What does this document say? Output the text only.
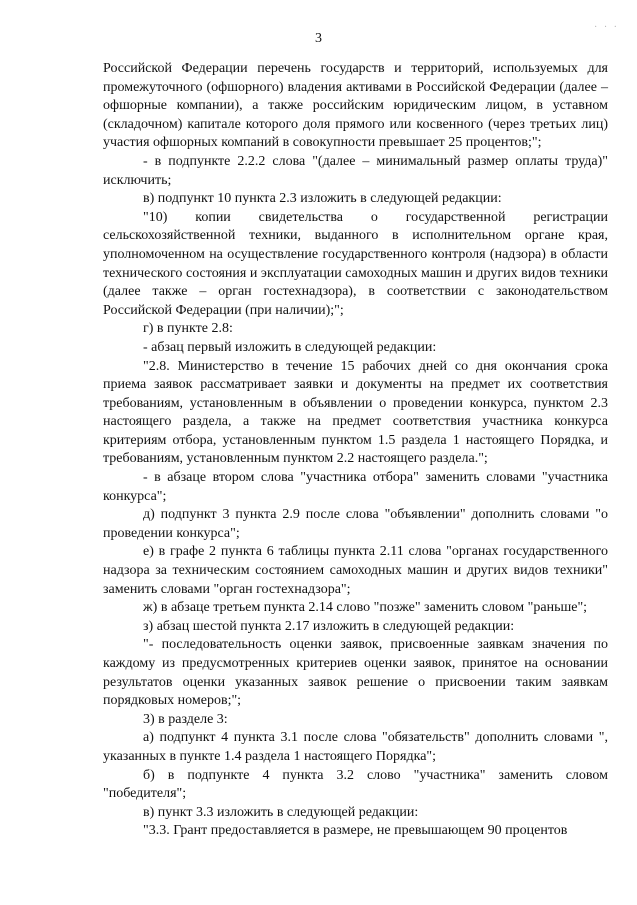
3
· · ·

Российской Федерации перечень государств и территорий, используемых для промежуточного (офшорного) владения активами в Российской Федерации (далее – офшорные компании), а также российским юридическим лицом, в уставном (складочном) капитале которого доля прямого или косвенного (через третьих лиц) участия офшорных компаний в совокупности превышает 25 процентов;";

- в подпункте 2.2.2 слова "(далее – минимальный размер оплаты труда)" исключить;

в) подпункт 10 пункта 2.3 изложить в следующей редакции:

"10) копии свидетельства о государственной регистрации сельскохозяйственной техники, выданного в исполнительном органе края, уполномоченном на осуществление государственного контроля (надзора) в области технического состояния и эксплуатации самоходных машин и других видов техники (далее также – орган гостехнадзора), в соответствии с законодательством Российской Федерации (при наличии);";

г) в пункте 2.8:

- абзац первый изложить в следующей редакции:

"2.8. Министерство в течение 15 рабочих дней со дня окончания срока приема заявок рассматривает заявки и документы на предмет их соответствия требованиям, установленным в объявлении о проведении конкурса, пунктом 2.3 настоящего раздела, а также на предмет соответствия участника конкурса критериям отбора, установленным пунктом 1.5 раздела 1 настоящего Порядка, и требованиям, установленным пунктом 2.2 настоящего раздела.";

- в абзаце втором слова "участника отбора" заменить словами "участника конкурса";

д) подпункт 3 пункта 2.9 после слова "объявлении" дополнить словами "о проведении конкурса";

е) в графе 2 пункта 6 таблицы пункта 2.11 слова "органах государственного надзора за техническим состоянием самоходных машин и других видов техники" заменить словами "орган гостехнадзора";

ж) в абзаце третьем пункта 2.14 слово "позже" заменить словом "раньше";

з) абзац шестой пункта 2.17 изложить в следующей редакции:

"- последовательность оценки заявок, присвоенные заявкам значения по каждому из предусмотренных критериев оценки заявок, принятое на основании результатов оценки указанных заявок решение о присвоении таким заявкам порядковых номеров;";

3) в разделе 3:

а) подпункт 4 пункта 3.1 после слова "обязательств" дополнить словами ", указанных в пункте 1.4 раздела 1 настоящего Порядка";

б) в подпункте 4 пункта 3.2 слово "участника" заменить словом "победителя";

в) пункт 3.3 изложить в следующей редакции:

"3.3. Грант предоставляется в размере, не превышающем 90 процентов
